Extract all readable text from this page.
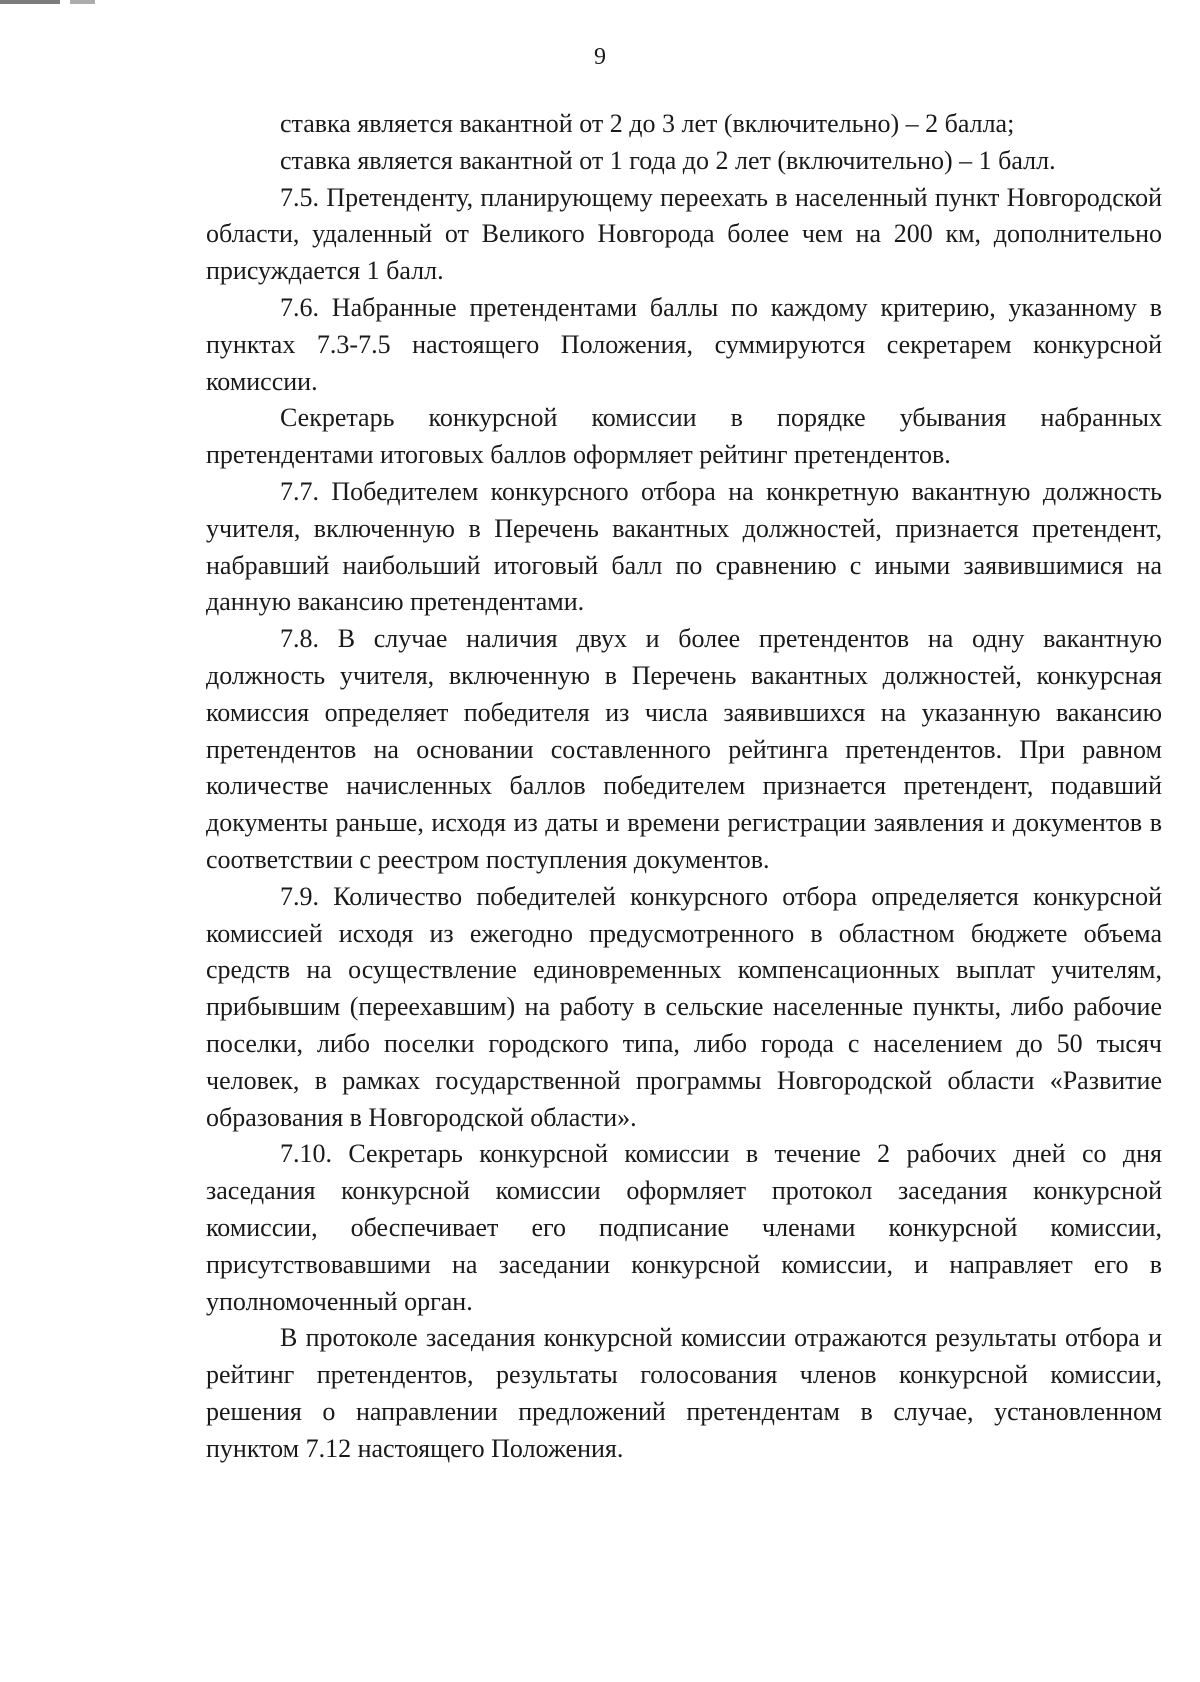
9

ставка является вакантной от 2 до 3 лет (включительно) – 2 балла;

ставка является вакантной от 1 года до 2 лет (включительно) – 1 балл.

7.5. Претенденту, планирующему переехать в населенный пункт Новгородской области, удаленный от Великого Новгорода более чем на 200 км, дополнительно присуждается 1 балл.

7.6. Набранные претендентами баллы по каждому критерию, указанному в пунктах 7.3-7.5 настоящего Положения, суммируются секретарем конкурсной комиссии.

Секретарь конкурсной комиссии в порядке убывания набранных претендентами итоговых баллов оформляет рейтинг претендентов.

7.7. Победителем конкурсного отбора на конкретную вакантную должность учителя, включенную в Перечень вакантных должностей, признается претендент, набравший наибольший итоговый балл по сравнению с иными заявившимися на данную вакансию претендентами.

7.8. В случае наличия двух и более претендентов на одну вакантную должность учителя, включенную в Перечень вакантных должностей, конкурсная комиссия определяет победителя из числа заявившихся на указанную вакансию претендентов на основании составленного рейтинга претендентов. При равном количестве начисленных баллов победителем признается претендент, подавший документы раньше, исходя из даты и времени регистрации заявления и документов в соответствии с реестром поступления документов.

7.9. Количество победителей конкурсного отбора определяется конкурсной комиссией исходя из ежегодно предусмотренного в областном бюджете объема средств на осуществление единовременных компенсационных выплат учителям, прибывшим (переехавшим) на работу в сельские населенные пункты, либо рабочие поселки, либо поселки городского типа, либо города с населением до 50 тысяч человек, в рамках государственной программы Новгородской области «Развитие образования в Новгородской области».

7.10. Секретарь конкурсной комиссии в течение 2 рабочих дней со дня заседания конкурсной комиссии оформляет протокол заседания конкурсной комиссии, обеспечивает его подписание членами конкурсной комиссии, присутствовавшими на заседании конкурсной комиссии, и направляет его в уполномоченный орган.

В протоколе заседания конкурсной комиссии отражаются результаты отбора и рейтинг претендентов, результаты голосования членов конкурсной комиссии, решения о направлении предложений претендентам в случае, установленном пунктом 7.12 настоящего Положения.
